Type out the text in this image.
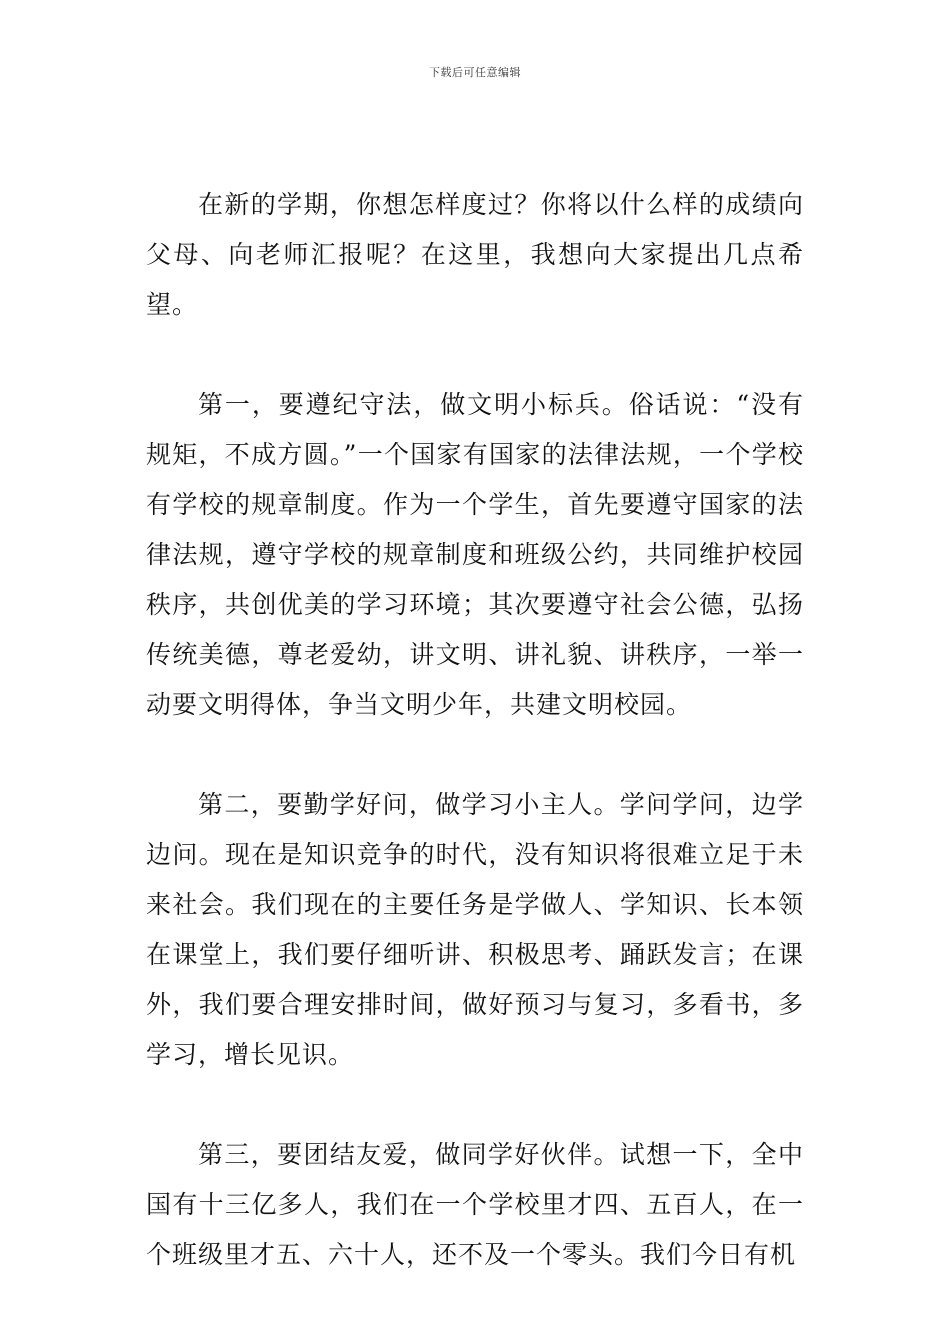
下载后可任意编辑

在新的学期，你想怎样度过？你将以什么样的成绩向父母、向老师汇报呢？在这里，我想向大家提出几点希望。

第一，要遵纪守法，做文明小标兵。俗话说：“没有规矩，不成方圆。”一个国家有国家的法律法规，一个学校有学校的规章制度。作为一个学生，首先要遵守国家的法律法规，遵守学校的规章制度和班级公约，共同维护校园秩序，共创优美的学习环境；其次要遵守社会公德，弘扬传统美德，尊老爱幼，讲文明、讲礼貌、讲秩序，一举一动要文明得体，争当文明少年，共建文明校园。

第二，要勤学好问，做学习小主人。学问学问，边学边问。现在是知识竞争的时代，没有知识将很难立足于未来社会。我们现在的主要任务是学做人、学知识、长本领在课堂上，我们要仔细听讲、积极思考、踊跃发言；在课外，我们要合理安排时间，做好预习与复习，多看书，多学习，增长见识。

第三，要团结友爱，做同学好伙伴。试想一下，全中国有十三亿多人，我们在一个学校里才四、五百人，在一个班级里才五、六十人，还不及一个零头。我们今日有机
